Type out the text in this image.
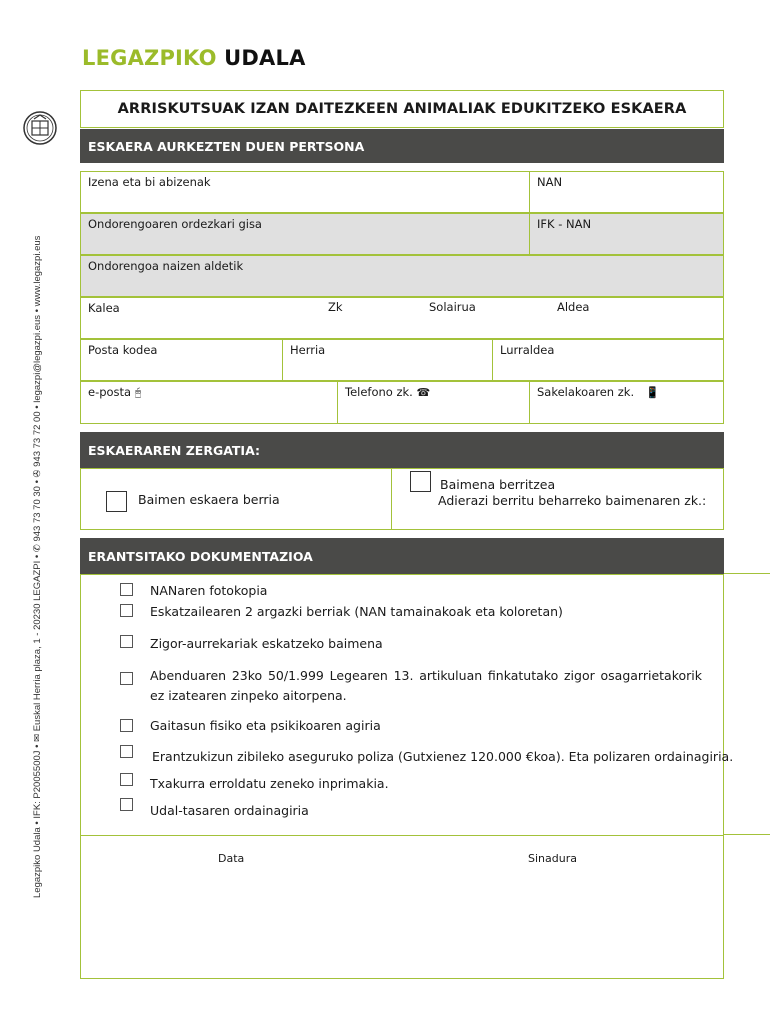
LEGAZPIKO UDALA
Legazpiko Udala • IFK: P2005500J • ✉ Euskal Herria plaza, 1 - 20230 LEGAZPI • ✆ 943 73 70 30 • ✇ 943 73 72 00 • legazpi@legazpi.eus • www.legazpi.eus
ARRISKUTSUAK IZAN DAITEZKEEN ANIMALIAK EDUKITZEKO ESKAERA
ESKAERA AURKEZTEN DUEN PERTSONA
Izena eta bi abizenak	NAN
Ondorengoaren ordezkari gisa	IFK - NAN
Ondorengoa naizen aldetik
Kalea	Zk	Solairua	Aldea
Posta kodea	Herria	Lurraldea
e-posta 🖰	Telefono zk. ☎	Sakelakoaren zk. 📱
ESKAERAREN ZERGATIA:
Baimen eskaera berria
Baimena berritzea
Adierazi berritu beharreko baimenaren zk.:
ERANTSITAKO DOKUMENTAZIOA
NANaren fotokopia
Eskatzailearen 2 argazki berriak (NAN tamainakoak eta koloretan)
Zigor-aurrekariak eskatzeko baimena
Abenduaren 23ko 50/1.999 Legearen 13. artikuluan finkatutako zigor osagarrietakorik ez izatearen zinpeko aitorpena.
Gaitasun fisiko eta psikikoaren agiria
Erantzukizun zibileko aseguruko poliza (Gutxienez 120.000 €koa). Eta polizaren ordainagiria.
Txakurra erroldatu zeneko inprimakia.
Udal-tasaren ordainagiria
Data	Sinadura
